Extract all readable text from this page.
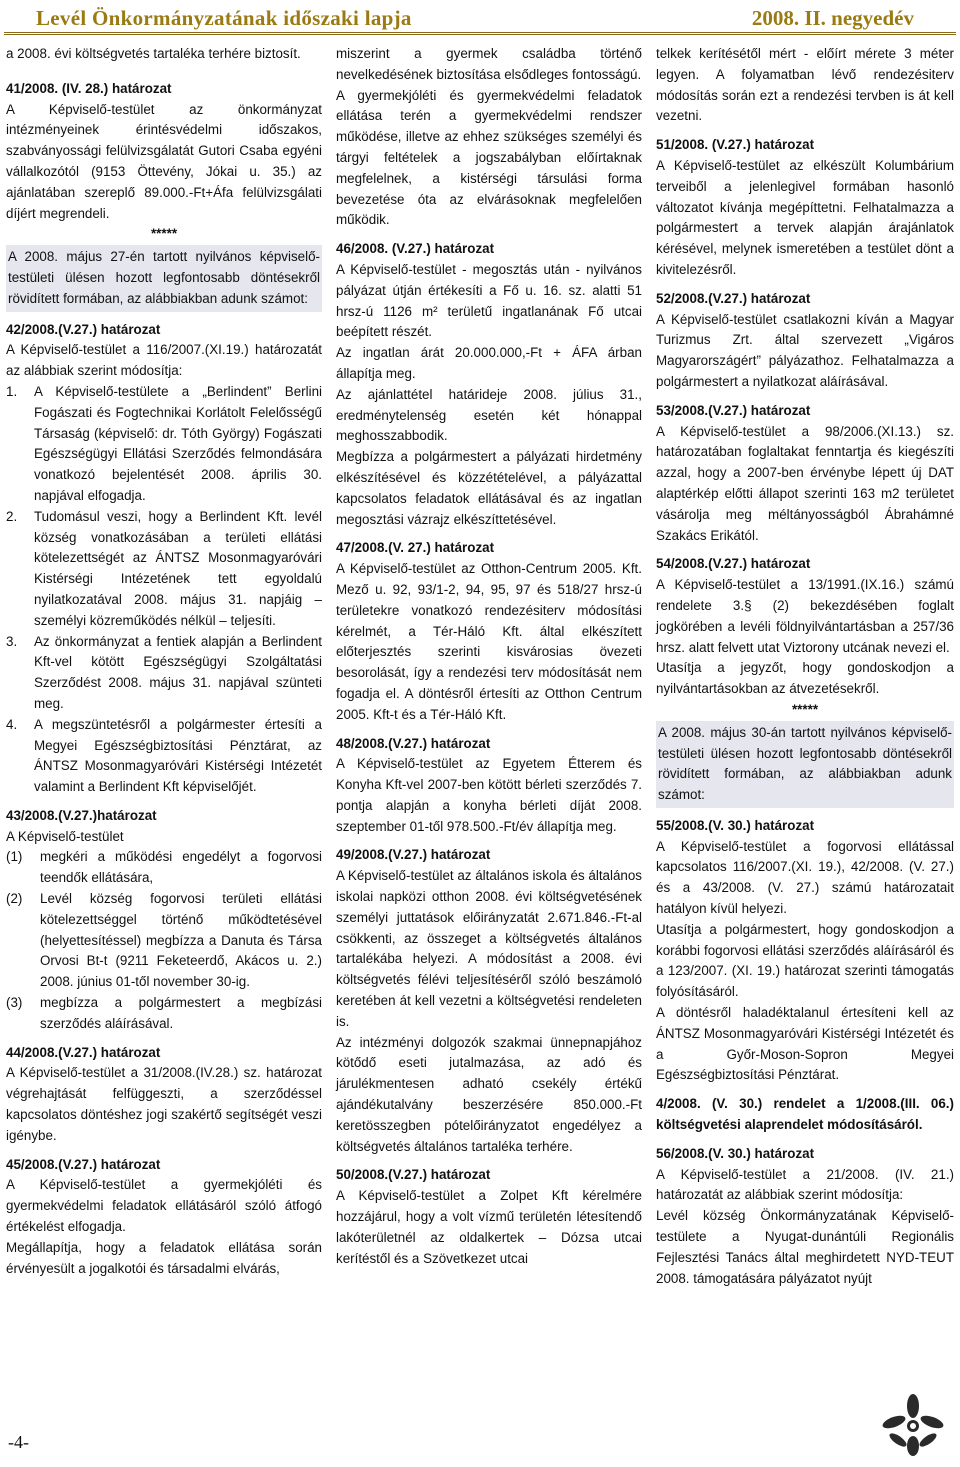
Levél Önkormányzatának időszaki lapja	2008. II. negyedév

a 2008. évi költségvetés tartaléka terhére biztosít.

41/2008. (IV. 28.) határozat

A Képviselő-testület az önkormányzat intézményeinek érintésvédelmi időszakos, szabványossági felülvizsgálatát Gutori Csaba egyéni vállalkozótól (9153 Öttevény, Jókai u. 35.) az ajánlatában szereplő 89.000.-Ft+Áfa felülvizsgálati díjért megrendeli.

*****

A 2008. május 27-én tartott nyilvános képviselő-testületi ülésen hozott legfontosabb döntésekről rövidített formában, az alábbiakban adunk számot:

42/2008.(V.27.) határozat

A Képviselő-testület a 116/2007.(XI.19.) határozatát az alábbiak szerint módosítja:

1.	A Képviselő-testülete a „Berlindent” Berlini Fogászati és Fogtechnikai Korlátolt Felelősségű Társaság (képviselő: dr. Tóth György) Fogászati Egészségügyi Ellátási Szerződés felmondására vonatkozó bejelentését 2008. április 30. napjával elfogadja.
2.	Tudomásul veszi, hogy a Berlindent Kft. levél község vonatkozásában a területi ellátási kötelezettségét az ÁNTSZ Mosonmagyaróvári Kistérségi Intézetének tett egyoldalú nyilatkozatával 2008. május 31. napjáig – személyi közreműködés nélkül – teljesíti.
3.	Az önkormányzat a fentiek alapján a Berlindent Kft-vel kötött Egészségügyi Szolgáltatási Szerződést 2008. május 31. napjával szünteti meg.
4.	A megszüntetésről a polgármester értesíti a Megyei Egészségbiztosítási Pénztárat, az ÁNTSZ Mosonmagyaróvári Kistérségi Intézetét valamint a Berlindent Kft képviselőjét.

43/2008.(V.27.)határozat

A Képviselő-testület

(1)	megkéri a működési engedélyt a fogorvosi teendők ellátására,
(2)	Levél község fogorvosi területi ellátási kötelezettséggel történő működtetésével (helyettesítéssel) megbízza a Danuta és Társa Orvosi Bt-t (9211 Feketeerdő, Akácos u. 2.) 2008. június 01-től november 30-ig.
(3)	megbízza a polgármestert a megbízási szerződés aláírásával.

44/2008.(V.27.) határozat

A Képviselő-testület a 31/2008.(IV.28.) sz. határozat végrehajtását felfüggeszti, a szerződéssel kapcsolatos döntéshez jogi szakértő segítségét veszi igénybe.

45/2008.(V.27.) határozat

A Képviselő-testület a gyermekjóléti és gyermekvédelmi feladatok ellátásáról szóló átfogó értékelést elfogadja.

Megállapítja, hogy a feladatok ellátása során érvényesült a jogalkotói és társadalmi elvárás,

miszerint a gyermek családba történő nevelkedésének biztosítása elsődleges fontosságú.

A gyermekjóléti és gyermekvédelmi feladatok ellátása terén a gyermekvédelmi rendszer működése, illetve az ehhez szükséges személyi és tárgyi feltételek a jogszabályban előírtaknak megfelelnek, a kistérségi társulási forma bevezetése óta az elvárásoknak megfelelően működik.

46/2008. (V.27.) határozat

A Képviselő-testület - megosztás után - nyilvános pályázat útján értékesíti a Fő u. 16. sz. alatti 51 hrsz-ú 1126 m² területű ingatlanának Fő utcai beépített részét.

Az ingatlan árát 20.000.000,-Ft + ÁFA árban állapítja meg.

Az ajánlattétel határideje 2008. július 31., eredménytelenség esetén két hónappal meghosszabbodik.

Megbízza a polgármestert a pályázati hirdetmény elkészítésével és közzétételével, a pályázattal kapcsolatos feladatok ellátásával és az ingatlan megosztási vázrajz elkészíttetésével.

47/2008.(V. 27.) határozat

A Képviselő-testület az Otthon-Centrum 2005. Kft. Mező u. 92, 93/1-2, 94, 95, 97 és 518/27 hrsz-ú területekre vonatkozó rendezésiterv módosítási kérelmét, a Tér-Háló Kft. által elkészített előterjesztés szerinti kisvárosias övezeti besorolását, így a rendezési terv módosítását nem fogadja el. A döntésről értesíti az Otthon Centrum 2005. Kft-t és a Tér-Háló Kft.

48/2008.(V.27.) határozat

A Képviselő-testület az Egyetem Étterem és Konyha Kft-vel 2007-ben kötött bérleti szerződés 7. pontja alapján a konyha bérleti díját 2008. szeptember 01-től 978.500.-Ft/év állapítja meg.

49/2008.(V.27.) határozat

A Képviselő-testület az általános iskola és általános iskolai napközi otthon 2008. évi költségvetésének személyi juttatások előirányzatát 2.671.846.-Ft-al csökkenti, az összeget a költségvetés általános tartalékába helyezi. A módosítást a 2008. évi költségvetés félévi teljesítéséről szóló beszámoló keretében át kell vezetni a költségvetési rendeleten is.

Az intézményi dolgozók szakmai ünnepnapjához kötődő eseti jutalmazása, az adó és járulékmentesen adható csekély értékű ajándékutalvány beszerzésére 850.000.-Ft keretösszegben pótelőirányzatot engedélyez a költségvetés általános tartaléka terhére.

50/2008.(V.27.) határozat

A Képviselő-testület a Zolpet Kft kérelmére hozzájárul, hogy a volt vízmű területén létesítendő lakóterületnél az oldalkertek – Dózsa utcai kerítéstől és a Szövetkezet utcai

telkek kerítésétől mért - előírt mérete 3 méter legyen. A folyamatban lévő rendezésiterv módosítás során ezt a rendezési tervben is át kell vezetni.

51/2008. (V.27.) határozat

A Képviselő-testület az elkészült Kolumbárium terveiből a jelenlegivel formában hasonló változatot kívánja megépíttetni. Felhatalmazza a polgármestert a tervek alapján árajánlatok kérésével, melynek ismeretében a testület dönt a kivitelezésről.

52/2008.(V.27.) határozat

A Képviselő-testület csatlakozni kíván a Magyar Turizmus Zrt. által szervezett „Vigáros Magyarországért” pályázathoz. Felhatalmazza a polgármestert a nyilatkozat aláírásával.

53/2008.(V.27.) határozat

A Képviselő-testület a 98/2006.(XI.13.) sz. határozatában foglaltakat fenntartja és kiegészíti azzal, hogy a 2007-ben érvénybe lépett új DAT alaptérkép előtti állapot szerinti 163 m2 területet vásárolja meg méltányosságból Ábrahámné Szakács Erikától.

54/2008.(V.27.) határozat

A Képviselő-testület a 13/1991.(IX.16.) számú rendelete 3.§ (2) bekezdésében foglalt jogkörében a levéli földnyilvántartásban a 257/36 hrsz. alatt felvett utat Viztorony utcának nevezi el.

Utasítja a jegyzőt, hogy gondoskodjon a nyilvántartásokban az átvezetésekről.

*****

A 2008. május 30-án tartott nyilvános képviselő-testületi ülésen hozott legfontosabb döntésekről rövidített formában, az alábbiakban adunk számot:

55/2008.(V. 30.) határozat

A Képviselő-testület a fogorvosi ellátással kapcsolatos 116/2007.(XI. 19.), 42/2008. (V. 27.) és a 43/2008. (V. 27.) számú határozatait hatályon kívül helyezi.

Utasítja a polgármestert, hogy gondoskodjon a korábbi fogorvosi ellátási szerződés aláírásáról és a 123/2007. (XI. 19.) határozat szerinti támogatás folyósításáról.

A döntésről haladéktalanul értesíteni kell az ÁNTSZ Mosonmagyaróvári Kistérségi Intézetét és a Győr-Moson-Sopron Megyei Egészségbiztosítási Pénztárat.

4/2008. (V. 30.) rendelet a 1/2008.(III. 06.) költségvetési alaprendelet módosításáról.

56/2008.(V. 30.) határozat

A Képviselő-testület a 21/2008. (IV. 21.) határozatát az alábbiak szerint módosítja:

Levél község Önkormányzatának Képviselő-testülete a Nyugat-dunántúli Regionális Fejlesztési Tanács által meghirdetett NYD-TEUT 2008. támogatására pályázatot nyújt

-4-
